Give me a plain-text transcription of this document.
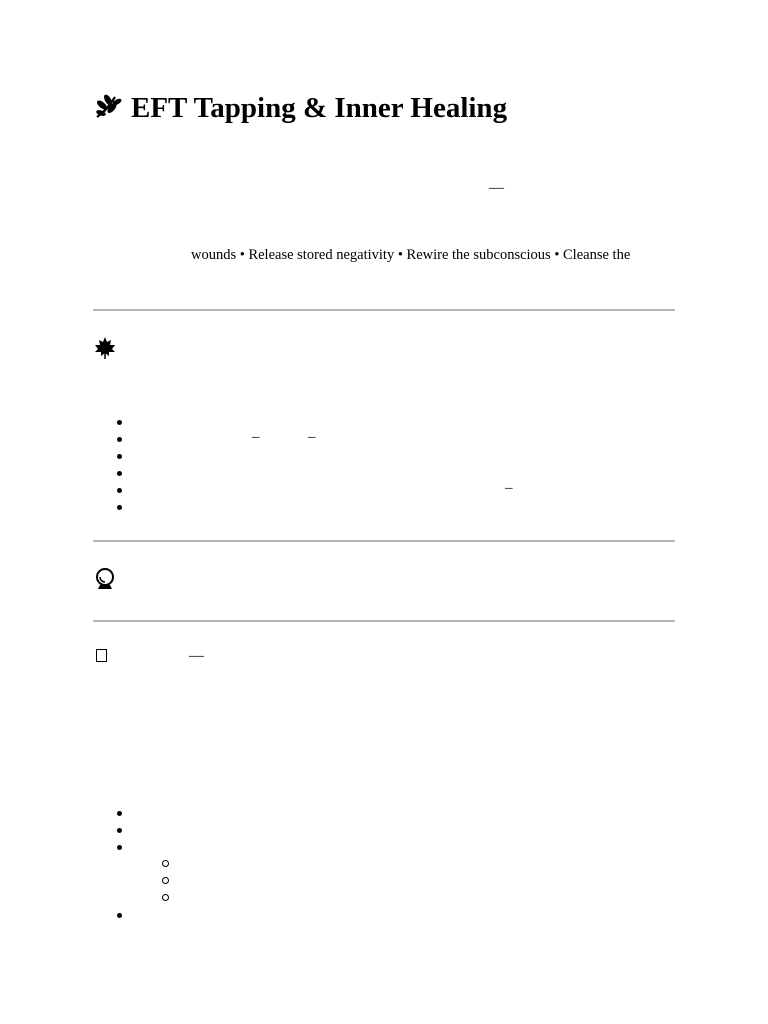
EFT Tapping & Inner Healing
—
wounds • Release stored negativity • Rewire the subconscious • Cleanse the
–	–
–
—
